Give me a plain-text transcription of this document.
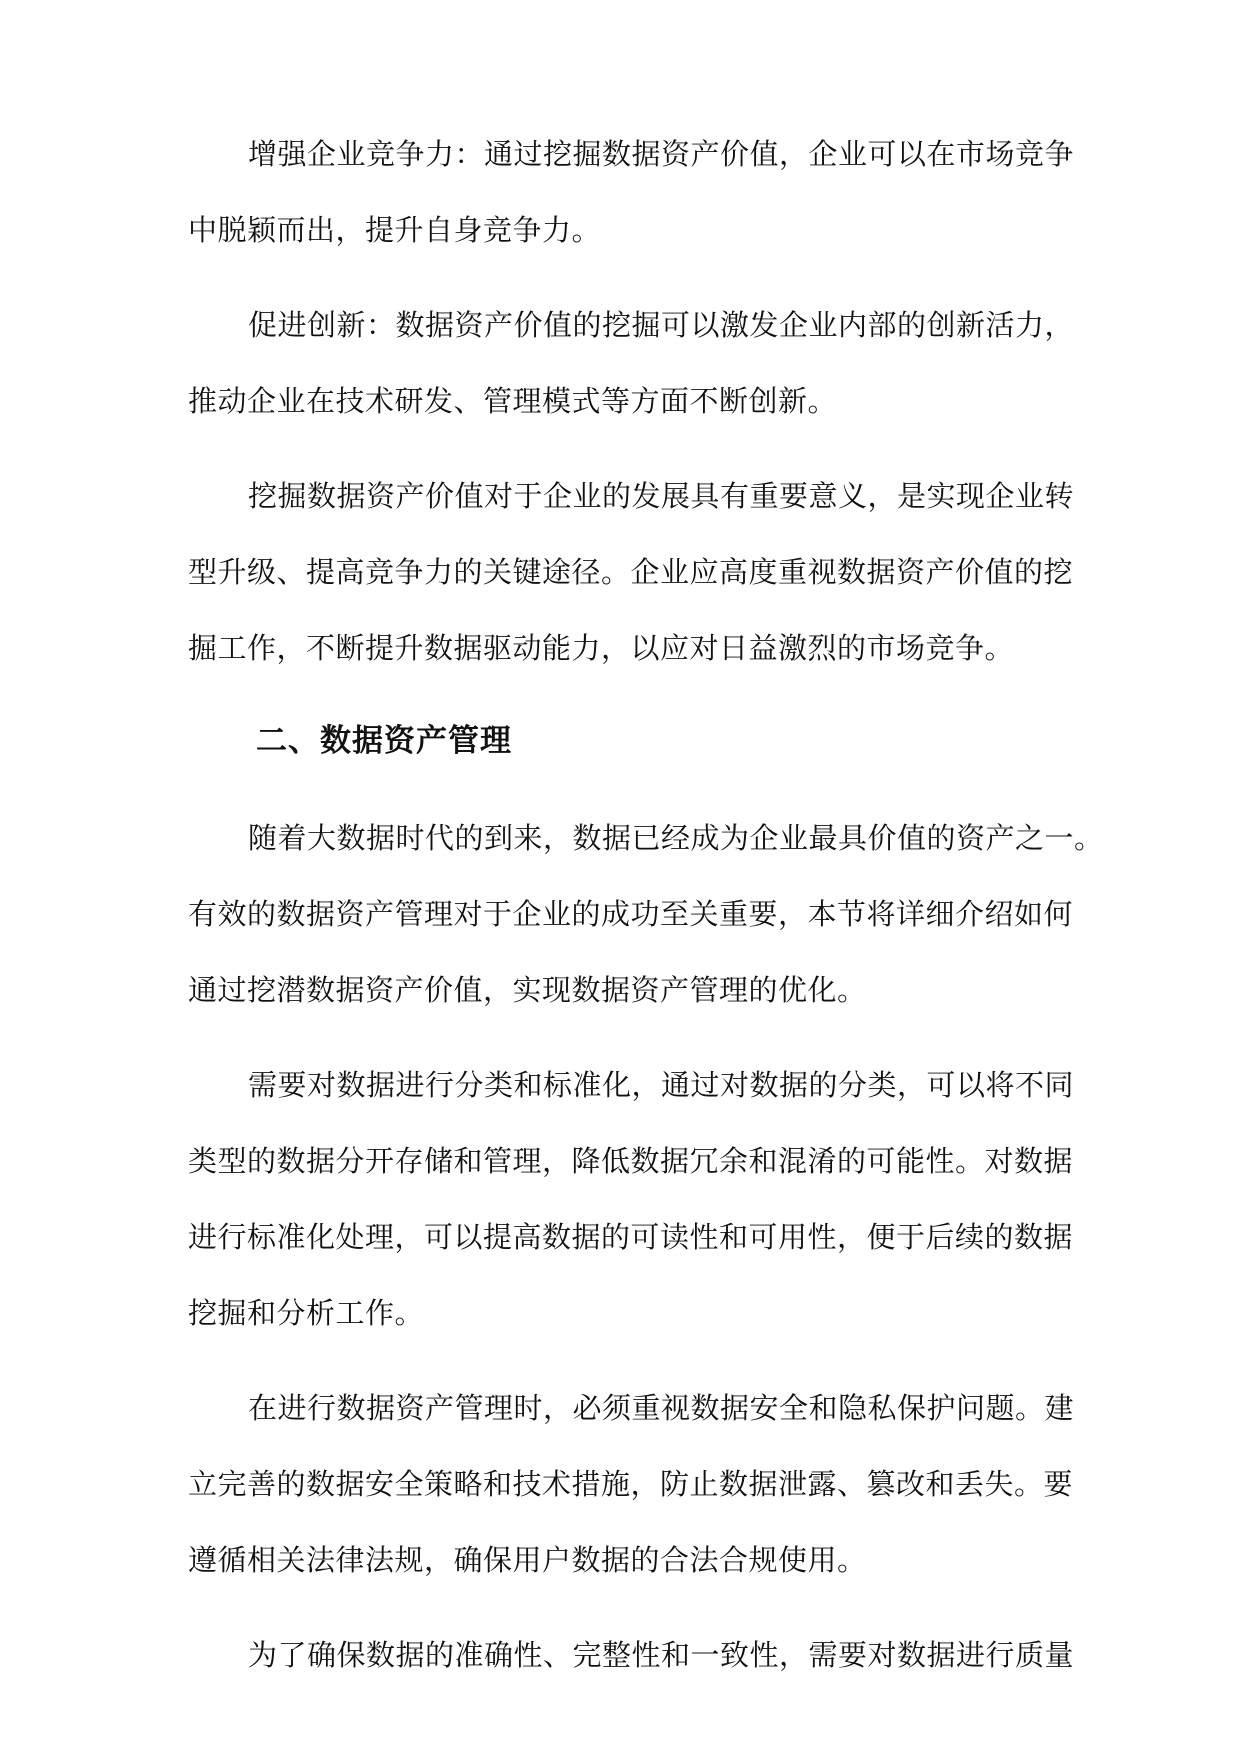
增强企业竞争力：通过挖掘数据资产价值，企业可以在市场竞争
中脱颖而出，提升自身竞争力。
促进创新：数据资产价值的挖掘可以激发企业内部的创新活力，
推动企业在技术研发、管理模式等方面不断创新。
挖掘数据资产价值对于企业的发展具有重要意义，是实现企业转
型升级、提高竞争力的关键途径。企业应高度重视数据资产价值的挖
掘工作，不断提升数据驱动能力，以应对日益激烈的市场竞争。
二、数据资产管理
随着大数据时代的到来，数据已经成为企业最具价值的资产之一。
有效的数据资产管理对于企业的成功至关重要，本节将详细介绍如何
通过挖潜数据资产价值，实现数据资产管理的优化。
需要对数据进行分类和标准化，通过对数据的分类，可以将不同
类型的数据分开存储和管理，降低数据冗余和混淆的可能性。对数据
进行标准化处理，可以提高数据的可读性和可用性，便于后续的数据
挖掘和分析工作。
在进行数据资产管理时，必须重视数据安全和隐私保护问题。建
立完善的数据安全策略和技术措施，防止数据泄露、篡改和丢失。要
遵循相关法律法规，确保用户数据的合法合规使用。
为了确保数据的准确性、完整性和一致性，需要对数据进行质量
